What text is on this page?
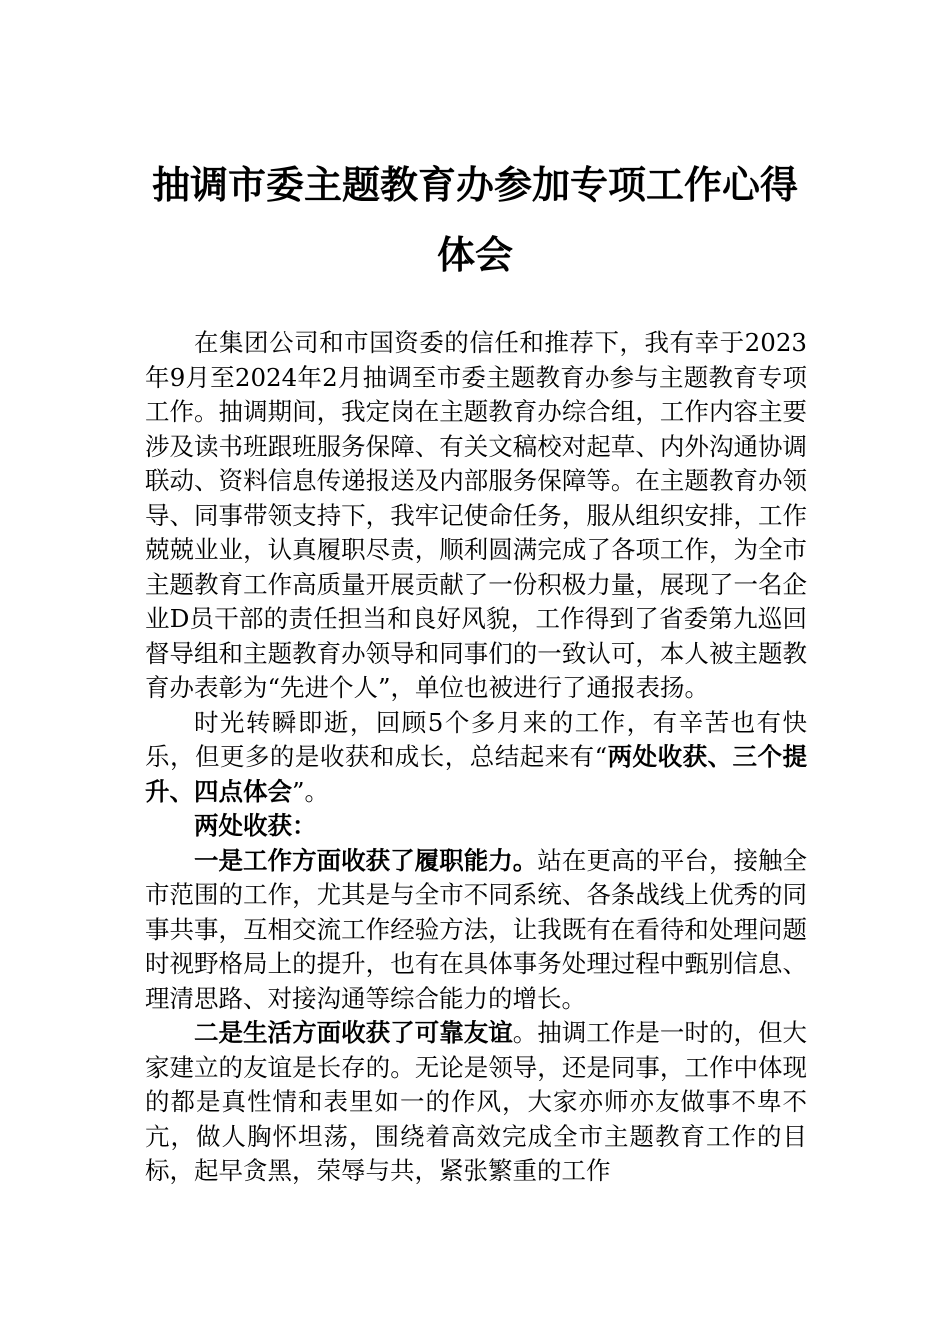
抽调市委主题教育办参加专项工作心得体会

在集团公司和市国资委的信任和推荐下，我有幸于2023年9月至2024年2月抽调至市委主题教育办参与主题教育专项工作。抽调期间，我定岗在主题教育办综合组，工作内容主要涉及读书班跟班服务保障、有关文稿校对起草、内外沟通协调联动、资料信息传递报送及内部服务保障等。在主题教育办领导、同事带领支持下，我牢记使命任务，服从组织安排，工作兢兢业业，认真履职尽责，顺利圆满完成了各项工作，为全市主题教育工作高质量开展贡献了一份积极力量，展现了一名企业D员干部的责任担当和良好风貌，工作得到了省委第九巡回督导组和主题教育办领导和同事们的一致认可，本人被主题教育办表彰为“先进个人”，单位也被进行了通报表扬。

时光转瞬即逝，回顾5个多月来的工作，有辛苦也有快乐，但更多的是收获和成长，总结起来有“两处收获、三个提升、四点体会”。

两处收获：

一是工作方面收获了履职能力。站在更高的平台，接触全市范围的工作，尤其是与全市不同系统、各条战线上优秀的同事共事，互相交流工作经验方法，让我既有在看待和处理问题时视野格局上的提升，也有在具体事务处理过程中甄别信息、理清思路、对接沟通等综合能力的增长。

二是生活方面收获了可靠友谊。抽调工作是一时的，但大家建立的友谊是长存的。无论是领导，还是同事，工作中体现的都是真性情和表里如一的作风，大家亦师亦友做事不卑不亢，做人胸怀坦荡，围绕着高效完成全市主题教育工作的目标，起早贪黑，荣辱与共，紧张繁重的工作
